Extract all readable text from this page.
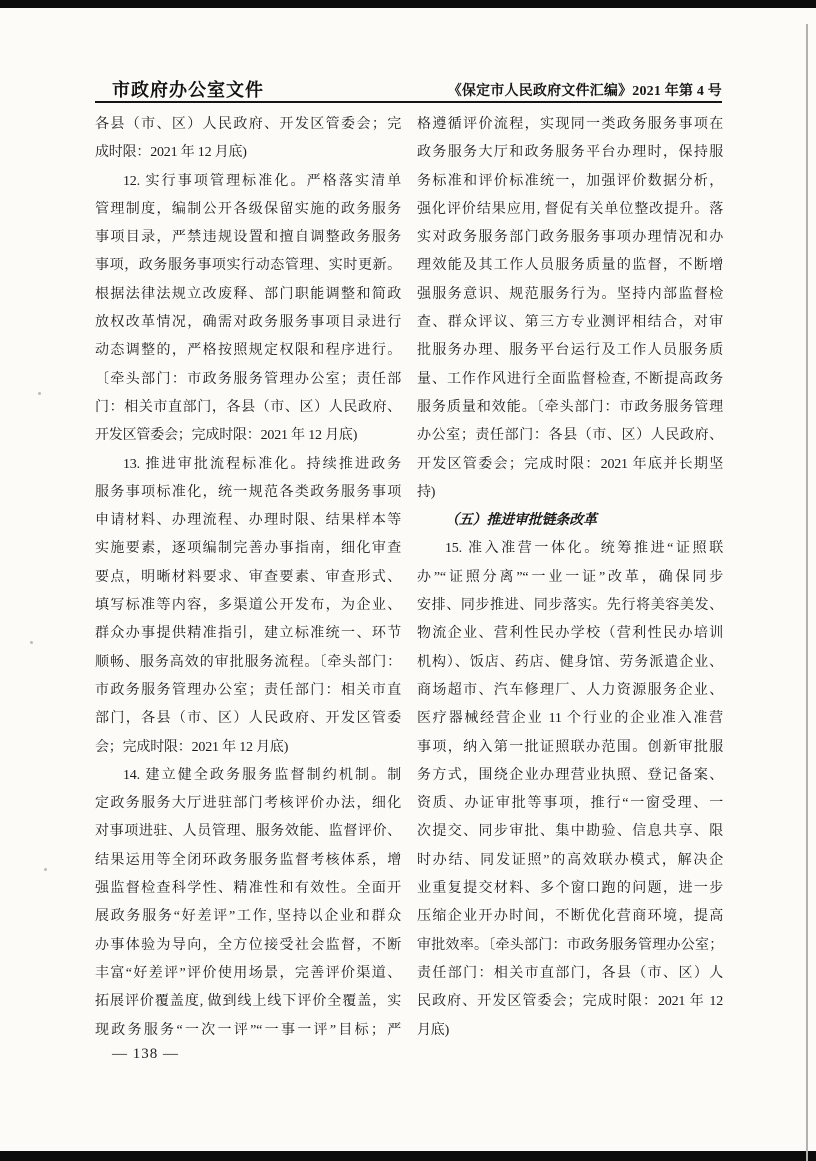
市政府办公室文件	《保定市人民政府文件汇编》2021 年第 4 号
各县（市、区）人民政府、开发区管委会；完
成时限：2021 年 12 月底)
12. 实行事项管理标准化。严格落实清单
管理制度，编制公开各级保留实施的政务服务
事项目录，严禁违规设置和擅自调整政务服务
事项，政务服务事项实行动态管理、实时更新。
根据法律法规立改废释、部门职能调整和简政
放权改革情况，确需对政务服务事项目录进行
动态调整的，严格按照规定权限和程序进行。
〔牵头部门：市政务服务管理办公室；责任部
门：相关市直部门，各县（市、区）人民政府、
开发区管委会；完成时限：2021 年 12 月底)
13. 推进审批流程标准化。持续推进政务
服务事项标准化，统一规范各类政务服务事项
申请材料、办理流程、办理时限、结果样本等
实施要素，逐项编制完善办事指南，细化审查
要点，明晰材料要求、审查要素、审查形式、
填写标准等内容，多渠道公开发布，为企业、
群众办事提供精准指引，建立标准统一、环节
顺畅、服务高效的审批服务流程。〔牵头部门：
市政务服务管理办公室；责任部门：相关市直
部门，各县（市、区）人民政府、开发区管委
会；完成时限：2021 年 12 月底)
14. 建立健全政务服务监督制约机制。制
定政务服务大厅进驻部门考核评价办法，细化
对事项进驻、人员管理、服务效能、监督评价、
结果运用等全闭环政务服务监督考核体系，增
强监督检查科学性、精准性和有效性。全面开
展政务服务“好差评”工作, 坚持以企业和群众
办事体验为导向，全方位接受社会监督，不断
丰富“好差评”评价使用场景，完善评价渠道、
拓展评价覆盖度, 做到线上线下评价全覆盖，实
现政务服务“一次一评”“一事一评”目标；严
格遵循评价流程，实现同一类政务服务事项在
政务服务大厅和政务服务平台办理时，保持服
务标准和评价标准统一，加强评价数据分析，
强化评价结果应用, 督促有关单位整改提升。落
实对政务服务部门政务服务事项办理情况和办
理效能及其工作人员服务质量的监督，不断增
强服务意识、规范服务行为。坚持内部监督检
查、群众评议、第三方专业测评相结合，对审
批服务办理、服务平台运行及工作人员服务质
量、工作作风进行全面监督检查, 不断提高政务
服务质量和效能。〔牵头部门：市政务服务管理
办公室；责任部门：各县（市、区）人民政府、
开发区管委会；完成时限：2021 年底并长期坚
持)
（五）推进审批链条改革
15. 准入准营一体化。统筹推进“证照联
办”“证照分离”“一业一证”改革，确保同步
安排、同步推进、同步落实。先行将美容美发、
物流企业、营利性民办学校（营利性民办培训
机构）、饭店、药店、健身馆、劳务派遣企业、
商场超市、汽车修理厂、人力资源服务企业、
医疗器械经营企业 11 个行业的企业准入准营
事项，纳入第一批证照联办范围。创新审批服
务方式，围绕企业办理营业执照、登记备案、
资质、办证审批等事项，推行“一窗受理、一
次提交、同步审批、集中勘验、信息共享、限
时办结、同发证照”的高效联办模式，解决企
业重复提交材料、多个窗口跑的问题，进一步
压缩企业开办时间，不断优化营商环境，提高
审批效率。〔牵头部门：市政务服务管理办公室；
责任部门：相关市直部门，各县（市、区）人
民政府、开发区管委会；完成时限：2021 年 12
月底)
— 138 —
